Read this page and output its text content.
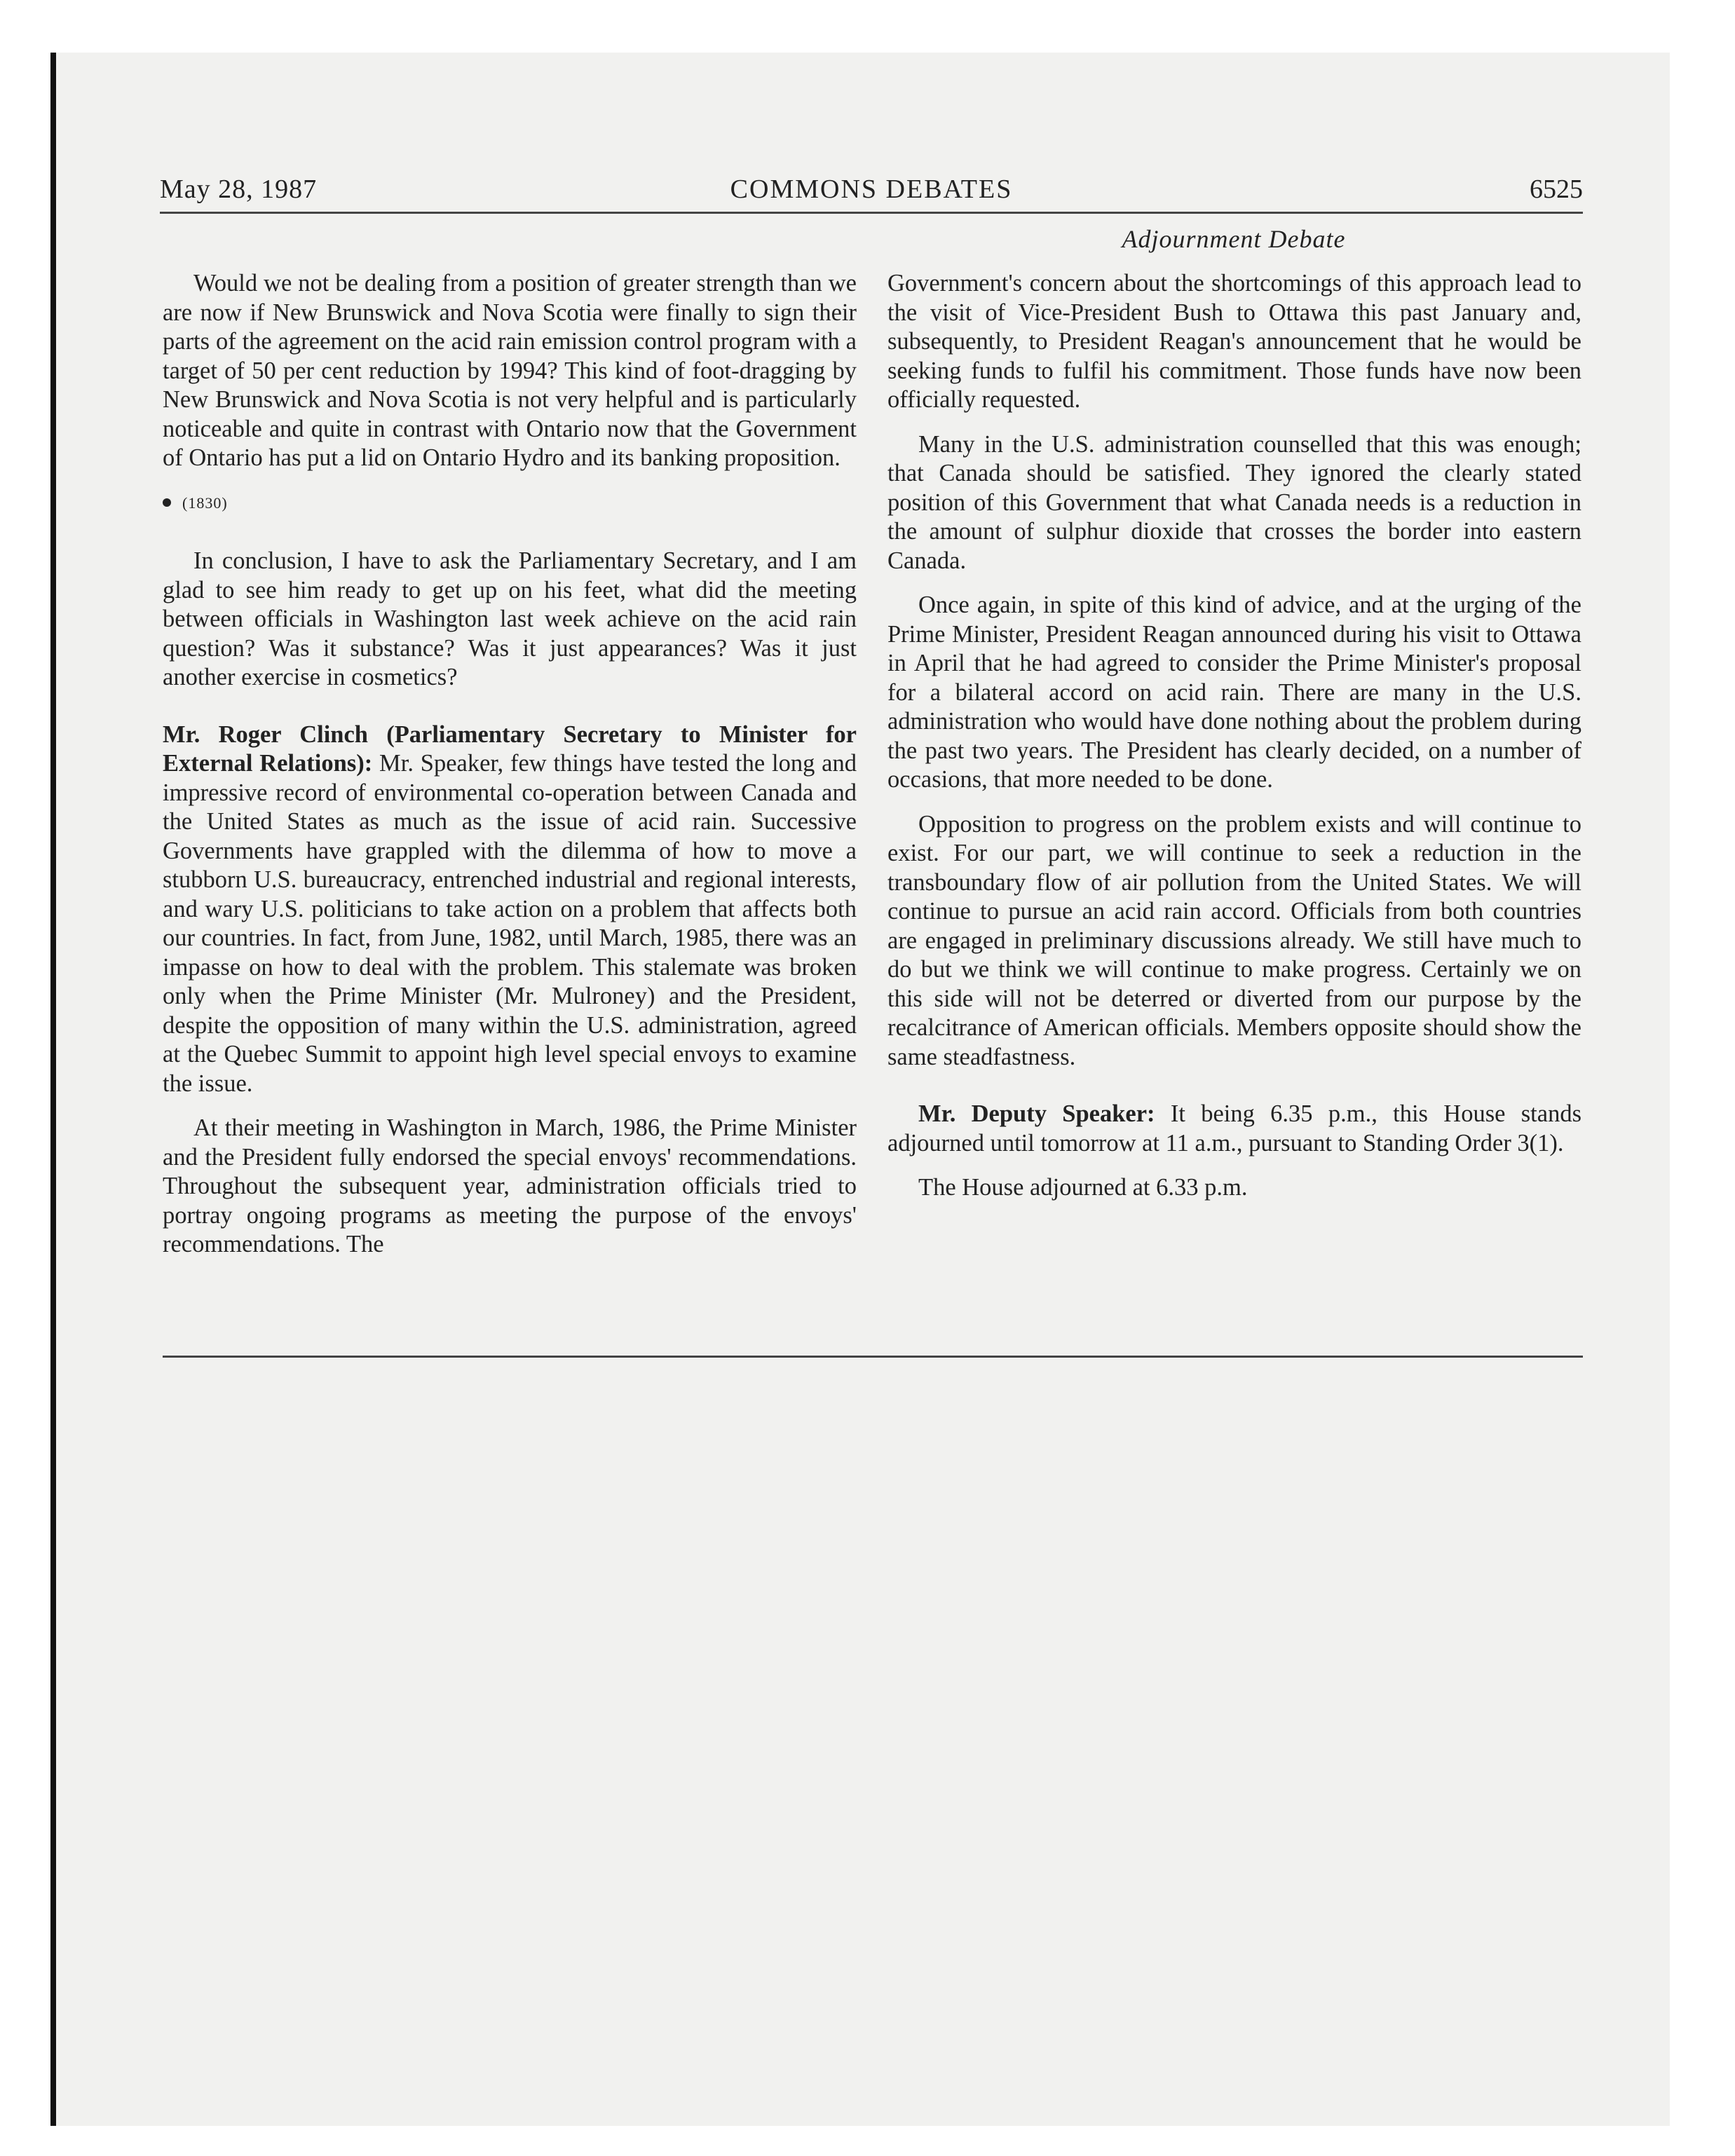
May 28, 1987	COMMONS DEBATES	6525
Adjournment Debate

Would we not be dealing from a position of greater strength than we are now if New Brunswick and Nova Scotia were finally to sign their parts of the agreement on the acid rain emission control program with a target of 50 per cent reduction by 1994? This kind of foot-dragging by New Brunswick and Nova Scotia is not very helpful and is particularly noticeable and quite in contrast with Ontario now that the Government of Ontario has put a lid on Ontario Hydro and its banking proposition.

(1830)

In conclusion, I have to ask the Parliamentary Secretary, and I am glad to see him ready to get up on his feet, what did the meeting between officials in Washington last week achieve on the acid rain question? Was it substance? Was it just appearances? Was it just another exercise in cosmetics?

Mr. Roger Clinch (Parliamentary Secretary to Minister for External Relations): Mr. Speaker, few things have tested the long and impressive record of environmental co-operation between Canada and the United States as much as the issue of acid rain. Successive Governments have grappled with the dilemma of how to move a stubborn U.S. bureaucracy, entrenched industrial and regional interests, and wary U.S. politicians to take action on a problem that affects both our countries. In fact, from June, 1982, until March, 1985, there was an impasse on how to deal with the problem. This stalemate was broken only when the Prime Minister (Mr. Mulroney) and the President, despite the opposition of many within the U.S. administration, agreed at the Quebec Summit to appoint high level special envoys to examine the issue.

At their meeting in Washington in March, 1986, the Prime Minister and the President fully endorsed the special envoys' recommendations. Throughout the subsequent year, administration officials tried to portray ongoing programs as meeting the purpose of the envoys' recommendations. The

Government's concern about the shortcomings of this approach lead to the visit of Vice-President Bush to Ottawa this past January and, subsequently, to President Reagan's announcement that he would be seeking funds to fulfil his commitment. Those funds have now been officially requested.

Many in the U.S. administration counselled that this was enough; that Canada should be satisfied. They ignored the clearly stated position of this Government that what Canada needs is a reduction in the amount of sulphur dioxide that crosses the border into eastern Canada.

Once again, in spite of this kind of advice, and at the urging of the Prime Minister, President Reagan announced during his visit to Ottawa in April that he had agreed to consider the Prime Minister's proposal for a bilateral accord on acid rain. There are many in the U.S. administration who would have done nothing about the problem during the past two years. The President has clearly decided, on a number of occasions, that more needed to be done.

Opposition to progress on the problem exists and will continue to exist. For our part, we will continue to seek a reduction in the transboundary flow of air pollution from the United States. We will continue to pursue an acid rain accord. Officials from both countries are engaged in preliminary discussions already. We still have much to do but we think we will continue to make progress. Certainly we on this side will not be deterred or diverted from our purpose by the recalcitrance of American officials. Members opposite should show the same steadfastness.

Mr. Deputy Speaker: It being 6.35 p.m., this House stands adjourned until tomorrow at 11 a.m., pursuant to Standing Order 3(1).

The House adjourned at 6.33 p.m.
